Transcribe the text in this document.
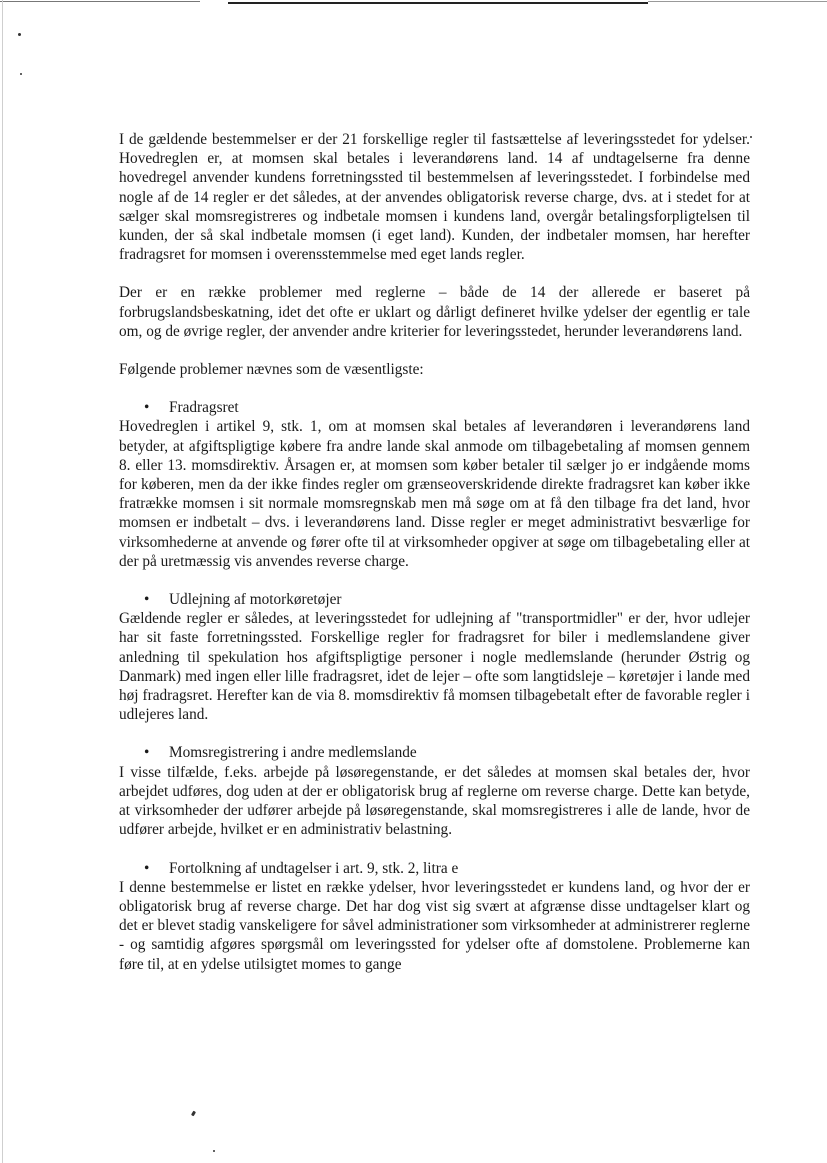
I de gældende bestemmelser er der 21 forskellige regler til fastsættelse af leveringsstedet for ydelser. Hovedreglen er, at momsen skal betales i leverandørens land. 14 af undtagelserne fra denne hovedregel anvender kundens forretningssted til bestemmelsen af leveringsstedet. I forbindelse med nogle af de 14 regler er det således, at der anvendes obligatorisk reverse charge, dvs. at i stedet for at sælger skal momsregistreres og indbetale momsen i kundens land, overgår betalingsforpligtelsen til kunden, der så skal indbetale momsen (i eget land). Kunden, der indbetaler momsen, har herefter fradragsret for momsen i overensstemmelse med eget lands regler.

Der er en række problemer med reglerne – både de 14 der allerede er baseret på forbrugslandsbeskatning, idet det ofte er uklart og dårligt defineret hvilke ydelser der egentlig er tale om, og de øvrige regler, der anvender andre kriterier for leveringsstedet, herunder leverandørens land.

Følgende problemer nævnes som de væsentligste:

• Fradragsret

Hovedreglen i artikel 9, stk. 1, om at momsen skal betales af leverandøren i leverandørens land betyder, at afgiftspligtige købere fra andre lande skal anmode om tilbagebetaling af momsen gennem 8. eller 13. momsdirektiv. Årsagen er, at momsen som køber betaler til sælger jo er indgående moms for køberen, men da der ikke findes regler om grænseoverskridende direkte fradragsret kan køber ikke fratrække momsen i sit normale momsregnskab men må søge om at få den tilbage fra det land, hvor momsen er indbetalt – dvs. i leverandørens land. Disse regler er meget administrativt besværlige for virksomhederne at anvende og fører ofte til at virksomheder opgiver at søge om tilbagebetaling eller at der på uretmæssig vis anvendes reverse charge.

• Udlejning af motorkøretøjer

Gældende regler er således, at leveringsstedet for udlejning af "transportmidler" er der, hvor udlejer har sit faste forretningssted. Forskellige regler for fradragsret for biler i medlemslandene giver anledning til spekulation hos afgiftspligtige personer i nogle medlemslande (herunder Østrig og Danmark) med ingen eller lille fradragsret, idet de lejer – ofte som langtidsleje – køretøjer i lande med høj fradragsret. Herefter kan de via 8. momsdirektiv få momsen tilbagebetalt efter de favorable regler i udlejeres land.

• Momsregistrering i andre medlemslande

I visse tilfælde, f.eks. arbejde på løsøregenstande, er det således at momsen skal betales der, hvor arbejdet udføres, dog uden at der er obligatorisk brug af reglerne om reverse charge. Dette kan betyde, at virksomheder der udfører arbejde på løsøregenstande, skal momsregistreres i alle de lande, hvor de udfører arbejde, hvilket er en administrativ belastning.

• Fortolkning af undtagelser i art. 9, stk. 2, litra e

I denne bestemmelse er listet en række ydelser, hvor leveringsstedet er kundens land, og hvor der er obligatorisk brug af reverse charge. Det har dog vist sig svært at afgrænse disse undtagelser klart og det er blevet stadig vanskeligere for såvel administrationer som virksomheder at administrerer reglerne - og samtidig afgøres spørgsmål om leveringssted for ydelser ofte af domstolene. Problemerne kan føre til, at en ydelse utilsigtet momes to gange
